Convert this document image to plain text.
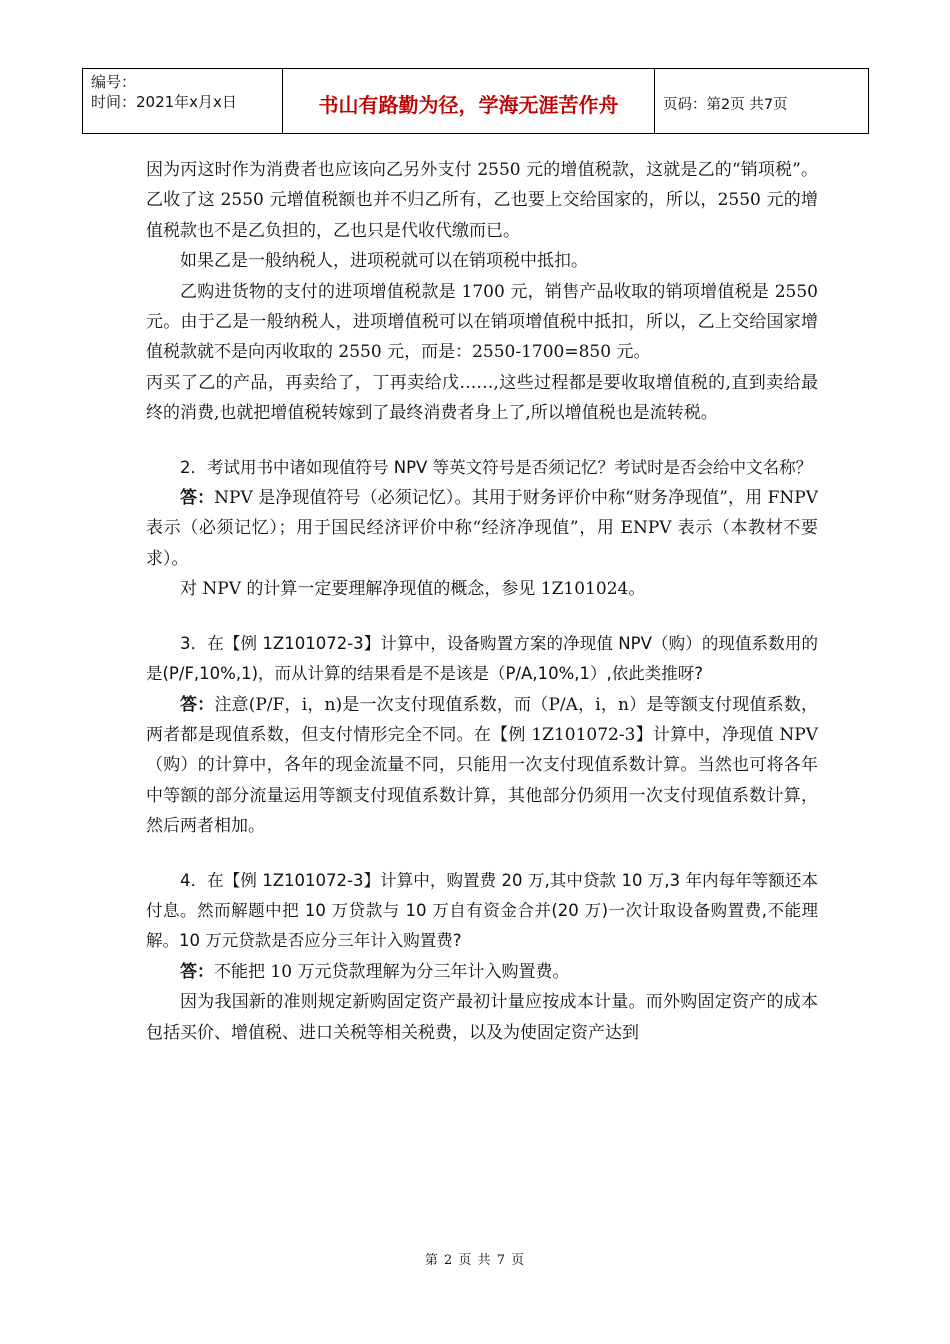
编号：
时间：2021年x月x日	书山有路勤为径，学海无涯苦作舟	页码：第2页 共7页

因为丙这时作为消费者也应该向乙另外支付 2550 元的增值税款，这就是乙的“销项税”。乙收了这 2550 元增值税额也并不归乙所有，乙也要上交给国家的，所以，2550 元的增值税款也不是乙负担的，乙也只是代收代缴而已。

如果乙是一般纳税人，进项税就可以在销项税中抵扣。

乙购进货物的支付的进项增值税款是 1700 元，销售产品收取的销项增值税是 2550 元。由于乙是一般纳税人，进项增值税可以在销项增值税中抵扣，所以，乙上交给国家增值税款就不是向丙收取的 2550 元，而是：2550-1700=850 元。

丙买了乙的产品，再卖给了，丁再卖给戊……,这些过程都是要收取增值税的,直到卖给最终的消费,也就把增值税转嫁到了最终消费者身上了,所以增值税也是流转税。

2．考试用书中诸如现值符号 NPV 等英文符号是否须记忆？考试时是否会给中文名称？

答：NPV 是净现值符号（必须记忆）。其用于财务评价中称“财务净现值”，用 FNPV 表示（必须记忆）；用于国民经济评价中称“经济净现值”，用 ENPV 表示（本教材不要求）。

对 NPV 的计算一定要理解净现值的概念，参见 1Z101024。

3．在【例 1Z101072-3】计算中，设备购置方案的净现值 NPV（购）的现值系数用的是(P/F,10%,1)，而从计算的结果看是不是该是（P/A,10%,1）,依此类推呀?

答：注意(P/F，i，n)是一次支付现值系数，而（P/A，i，n）是等额支付现值系数，两者都是现值系数，但支付情形完全不同。在【例 1Z101072-3】计算中，净现值 NPV（购）的计算中，各年的现金流量不同，只能用一次支付现值系数计算。当然也可将各年中等额的部分流量运用等额支付现值系数计算，其他部分仍须用一次支付现值系数计算，然后两者相加。

4．在【例 1Z101072-3】计算中，购置费 20 万,其中贷款 10 万,3 年内每年等额还本付息。然而解题中把 10 万贷款与 10 万自有资金合并(20 万)一次计取设备购置费,不能理解。10 万元贷款是否应分三年计入购置费?

答：不能把 10 万元贷款理解为分三年计入购置费。

因为我国新的准则规定新购固定资产最初计量应按成本计量。而外购固定资产的成本包括买价、增值税、进口关税等相关税费，以及为使固定资产达到

第 2 页 共 7 页
